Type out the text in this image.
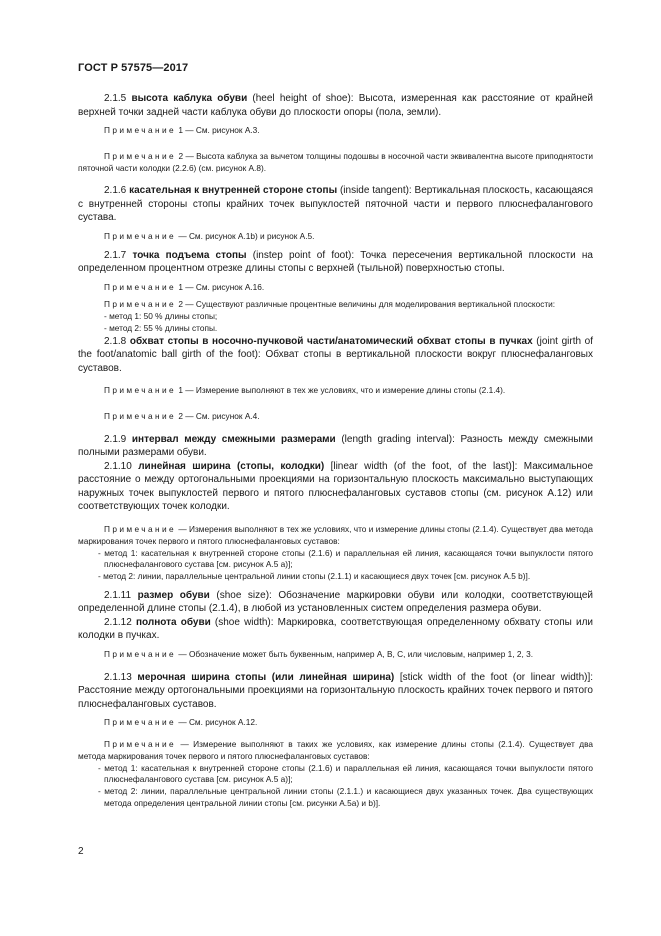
ГОСТ Р 57575—2017

2.1.5 высота каблука обуви (heel height of shoe): Высота, измеренная как расстояние от крайней верхней точки задней части каблука обуви до плоскости опоры (пола, земли).

Примечание 1 — См. рисунок А.3.

Примечание 2 — Высота каблука за вычетом толщины подошвы в носочной части эквивалентна высоте приподнятости пяточной части колодки (2.2.6) (см. рисунок А.8).

2.1.6 касательная к внутренней стороне стопы (inside tangent): Вертикальная плоскость, касающаяся с внутренней стороны стопы крайних точек выпуклостей пяточной части и первого плюснефалангового сустава.

Примечание — См. рисунок А.1b) и рисунок А.5.

2.1.7 точка подъема стопы (instep point of foot): Точка пересечения вертикальной плоскости на определенном процентном отрезке длины стопы с верхней (тыльной) поверхностью стопы.

Примечание 1 — См. рисунок А.16.

Примечание 2 — Существуют различные процентные величины для моделирования вертикальной плоскости:

- метод 1: 50 % длины стопы;

- метод 2: 55 % длины стопы.

2.1.8 обхват стопы в носочно-пучковой части/анатомический обхват стопы в пучках (joint girth of the foot/anatomic ball girth of the foot): Обхват стопы в вертикальной плоскости вокруг плюснефаланговых суставов.

Примечание 1 — Измерение выполняют в тех же условиях, что и измерение длины стопы (2.1.4).

Примечание 2 — См. рисунок А.4.

2.1.9 интервал между смежными размерами (length grading interval): Разность между смежными полными размерами обуви.

2.1.10 линейная ширина (стопы, колодки) [linear width (of the foot, of the last)]: Максимальное расстояние о между ортогональными проекциями на горизонтальную плоскость максимально выступающих наружных точек выпуклостей первого и пятого плюснефаланговых суставов стопы (см. рисунок А.12) или соответствующих точек колодки.

Примечание — Измерения выполняют в тех же условиях, что и измерение длины стопы (2.1.4). Существует два метода маркирования точек первого и пятого плюснефаланговых суставов:

- метод 1: касательная к внутренней стороне стопы (2.1.6) и параллельная ей линия, касающаяся точки выпуклости пятого плюснефалангового сустава [см. рисунок А.5 а)];

- метод 2: линии, параллельные центральной линии стопы (2.1.1) и касающиеся двух точек [см. рисунок А.5 b)].

2.1.11 размер обуви (shoe size): Обозначение маркировки обуви или колодки, соответствующей определенной длине стопы (2.1.4), в любой из установленных систем определения размера обуви.

2.1.12 полнота обуви (shoe width): Маркировка, соответствующая определенному обхвату стопы или колодки в пучках.

Примечание — Обозначение может быть буквенным, например А, В, С, или числовым, например 1, 2, 3.

2.1.13 мерочная ширина стопы (или линейная ширина) [stick width of the foot (or linear width)]: Расстояние между ортогональными проекциями на горизонтальную плоскость крайних точек первого и пятого плюснефаланговых суставов.

Примечание — См. рисунок А.12.

Примечание — Измерение выполняют в таких же условиях, как измерение длины стопы (2.1.4). Существует два метода маркирования точек первого и пятого плюснефаланговых суставов:

- метод 1: касательная к внутренней стороне стопы (2.1.6) и параллельная ей линия, касающаяся точки выпуклости пятого плюснефалангового сустава [см. рисунок А.5 а)];

- метод 2: линии, параллельные центральной линии стопы (2.1.1.) и касающиеся двух указанных точек. Два существующих метода определения центральной линии стопы [см. рисунки А.5а) и b)].

2
